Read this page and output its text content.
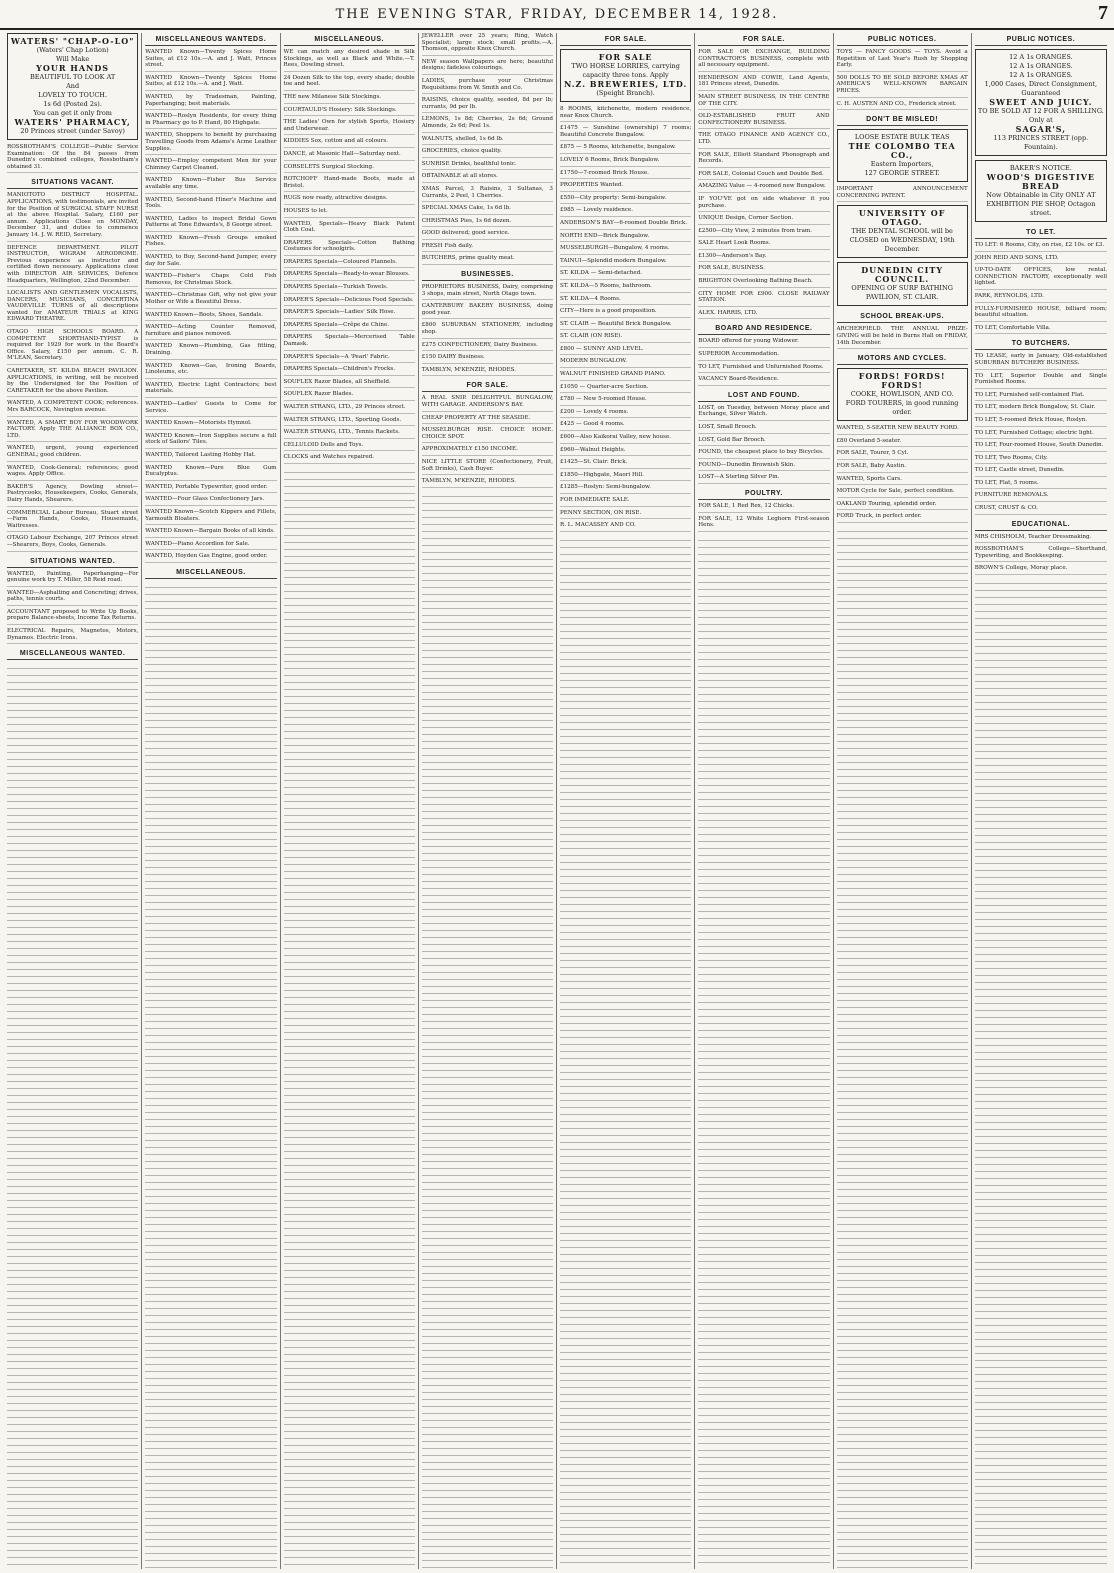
THE EVENING STAR, FRIDAY, DECEMBER 14, 1928.	7
WATERS' "CHAP-O-LO"
(Waters' Chap Lotion)
Will Make
YOUR HANDS
BEAUTIFUL TO LOOK AT
And
LOVELY TO TOUCH.
1s 6d (Posted 2s).
You can get it only from
WATERS' PHARMACY,
20 Princes street (under Savoy)
ROSSBOTHAM'S COLLEGE—Public Service Examination: Of the 84 passes from Dunedin's combined colleges, Rossbotham's obtained 31.
SITUATIONS VACANT.
MANIOTOTO DISTRICT HOSPITAL. APPLICATIONS, with testimonials, are invited for the Position of SURGICAL STAFF NURSE at the above Hospital. Salary, £160 per annum. Applications Close on MONDAY, December 31, and duties to commence January 14. J. W. REID, Secretary.
DEFENCE DEPARTMENT. PILOT INSTRUCTOR, WIGRAM AERODROME. Previous experience as instructor and certified flown necessary. Applications close with DIRECTOR AIR SERVICES, Defence Headquarters, Wellington, 22nd December.
LOCALISTS AND GENTLEMEN VOCALISTS, DANCERS, MUSICIANS, CONCERTINA VAUDEVILLE TURNS of all descriptions wanted for AMATEUR TRIALS at KING EDWARD THEATRE.
OTAGO HIGH SCHOOLS BOARD. A COMPETENT SHORTHAND-TYPIST is required for 1929 for work in the Board's Office. Salary, £150 per annum. C. R. M'LEAN, Secretary.
CARETAKER, ST. KILDA BEACH PAVILION. APPLICATIONS, in writing, will be received by the Undersigned for the Position of CARETAKER for the above Pavilion.
WANTED, A COMPETENT COOK; references. Mrs BARCOCK, Nevington avenue.
WANTED, A SMART BOY FOR WOODWORK FACTORY. Apply THE ALLIANCE BOX CO., LTD.
WANTED, urgent, young experienced GENERAL; good children.
WANTED, Cook-General; references; good wages. Apply Office.
BAKER'S Agency, Dowling street—Pastrycooks, Housekeepers, Cooks, Generals, Dairy Hands, Shearers.
COMMERCIAL Labour Bureau, Stuart street—Farm Hands, Cooks, Housemaids, Waitresses.
OTAGO Labour Exchange, 207 Princes street—Shearers, Boys, Cooks, Generals.
SITUATIONS WANTED.
WANTED, Painting, Paperhanging—For genuine work try T. Miller, 58 Reid road.
WANTED—Asphalting and Concreting; drives, paths, tennis courts.
ACCOUNTANT proposed to Write Up Books, prepare Balance-sheets, Income Tax Returns.
ELECTRICAL Repairs, Magnetos, Motors, Dynamos. Electric Irons.
MISCELLANEOUS WANTED.
MISCELLANEOUS WANTEDS.
WANTED Known—Twenty Spices Home Suites, at £12 10s.—A. and J. Watt, Princes street.
WANTED Known—Twenty Spices Home Suites, at £12 10s.—A. and J. Watt.
WANTED, by Tradesman, Painting, Paperhanging; best materials.
WANTED—Roslyn Residents, for every thing in Pharmacy go to P. Hand, 80 Highgate.
WANTED, Shoppers to benefit by purchasing Travelling Goods from Adams's Acme Leather Supplies.
WANTED—Employ competent Men for your Chimney Carpet Cleaned.
WANTED Known—Fisher Bus Service available any time.
WANTED, Second-hand Hiner's Machine and Tools.
WANTED, Ladies to inspect Bridal Gown Patterns at Tone Edwards's, 8 George street.
WANTED Known—Fresh Groups smoked Fishes.
WANTED, to Buy, Second-hand Jumper, every day for Sale.
WANTED—Fisher's Chaps Cold Fish Removes, for Christmas Stock.
WANTED—Christmas Gift, why not give your Mother or Wife a Beautiful Dress.
WANTED Known—Boots, Shoes, Sandals.
WANTED—Acting Counter Removed, furniture and pianos removed.
WANTED Known—Plumbing, Gas fitting, Draining.
WANTED Known—Gas, Ironing Boards, Linoleums, etc.
WANTED, Electric Light Contractors; best materials.
WANTED—Ladies' Guests to Come for Service.
WANTED Known—Motorists Hymnol.
WANTED Known—Iron Supplies secure a full stock of Sailors' Tiles.
WANTED, Tailored Lasting Hobby Hat.
WANTED Known—Pure Blue Gum Eucalyptus.
WANTED, Portable Typewriter, good order.
WANTED—Four Glass Confectionery Jars.
WANTED Known—Scotch Kippers and Fillets, Yarmouth Bloaters.
WANTED Known—Bargain Books of all kinds.
WANTED—Piano Accordion for Sale.
WANTED, Hoyden Gas Engine, good order.
MISCELLANEOUS.
MISCELLANEOUS.
WE can match any desired shade in Silk Stockings, as well as Black and White.—T. Rees, Dowling street.
24 Dozen Silk to the top, every shade; double toe and heel.
THE new Milanese Silk Stockings.
COURTAULD'S Hosiery: Silk Stockings.
THE Ladies' Own for stylish Sports, Hosiery and Underwear.
KIDDIES Sox, cotton and all colours.
DANCE, at Masonic Hall—Saturday next.
CORSELETS Surgical Stocking.
ROTCHOFF Hand-made Boots, made at Bristol.
RUGS now ready, attractive designs.
HOUSES to let.
WANTED, Specials—Heavy Black Patent Cloth Coat.
DRAPERS Specials—Cotton Bathing Costumes for schoolgirls.
DRAPERS Specials—Coloured Flannels.
DRAPERS Specials—Ready-to-wear Blouses.
DRAPERS Specials—Turkish Towels.
DRAPER'S Specials—Delicious Food Specials.
DRAPER'S Specials—Ladies' Silk Hose.
DRAPERS Specials—Crêpe de Chine.
DRAPERS Specials—Mercerised Table Damask.
DRAPER'S Specials—A 'Pearl' Fabric.
DRAPERS Specials—Children's Frocks.
SOUFLEX Razor Blades, all Sheffield.
SOUFLEX Razor Blades.
WALTER STRANG, LTD., 29 Princes street.
WALTER STRANG, LTD., Sporting Goods.
WALTER STRANG, LTD., Tennis Rackets.
CELLULOID Dolls and Toys.
CLOCKS and Watches repaired.
JEWELLER over 25 years; Ring, Watch Specialist; large stock; small profits.—A. Thomson, opposite Knox Church.
NEW season Wallpapers are here; beautiful designs; fadeless colourings.
LADIES, purchase your Christmas Requisitions from W. Smith and Co.
RAISINS, choice quality, seeded, 8d per lb; currants, 9d per lb.
LEMONS, 1s 8d; Cherries, 2s 6d; Ground Almonds, 2s 6d; Peel 1s.
WALNUTS, shelled, 1s 6d lb.
GROCERIES, choice quality.
SUNRISE Drinks, healthful tonic.
OBTAINABLE at all stores.
XMAS Parcel, 3 Raisins, 3 Sultanas, 3 Currants, 2 Peel, 1 Cherries.
SPECIAL XMAS Cake, 1s 6d lb.
CHRISTMAS Pies, 1s 6d dozen.
GOOD delivered; good service.
FRESH Fish daily.
BUTCHERS, prime quality meat.
BUSINESSES.
PROPRIETORS BUSINESS, Dairy, comprising 3 shops, main street, North Otago town.
CANTERBURY BAKERY BUSINESS, doing good year.
£800 SUBURBAN STATIONERY, including shop.
£275 CONFECTIONERY, Dairy Business.
£150 DAIRY Business.
TAMBLYN, M'KENZIE, RHODES.
FOR SALE.
A REAL SNIP. DELIGHTFUL BUNGALOW, WITH GARAGE. ANDERSON'S BAY.
CHEAP PROPERTY AT THE SEASIDE.
MUSSELBURGH RISE. CHOICE HOME. CHOICE SPOT.
APPROXIMATELY £150 INCOME.
NICE LITTLE STORE (Confectionery, Fruit, Soft Drinks), Cash Buyer.
TAMBLYN, M'KENZIE, RHODES.
FOR SALE.
FOR SALE
TWO HORSE LORRIES, carrying capacity three tons. Apply
N.Z. BREWERIES, LTD.
(Speight Branch).
8 ROOMS, kitchenette, modern residence, near Knox Church.
£1475 — Sunshine (ownership) 7 rooms; Beautiful Concrete Bungalow.
£875 — 5 Rooms, kitchenette, bungalow.
LOVELY 6 Rooms, Brick Bungalow.
£1750—7-roomed Brick House.
PROPERTIES Wanted.
£550—City property: Semi-bungalow.
£985 — Lovely residence.
ANDERSON'S BAY—6-roomed Double Brick.
NORTH END—Brick Bungalow.
MUSSELBURGH—Bungalow, 4 rooms.
TAINUI—Splendid modern Bungalow.
ST. KILDA — Semi-detached.
ST. KILDA—5 Rooms, bathroom.
ST. KILDA—4 Rooms.
CITY—Here is a good proposition.
ST. CLAIR — Beautiful Brick Bungalow.
ST. CLAIR (ON RISE).
£800 — SUNNY AND LEVEL.
MODERN BUNGALOW.
WALNUT FINISHED GRAND PIANO.
£1050 — Quarter-acre Section.
£780 — New 5-roomed House.
£200 — Lovely 4 rooms.
£425 — Good 4 rooms.
£600—Also Kaikorai Valley, new house.
£960—Walnut Heights.
£1425—St. Clair: Brick.
£1850—Highgate, Maori Hill.
£1285—Roslyn: Semi-bungalow.
FOR IMMEDIATE SALE.
PENNY SECTION, ON RISE.
R. L. MACASSEY AND CO.
FOR SALE.
FOR SALE OR EXCHANGE, BUILDING CONTRACTOR'S BUSINESS, complete with all necessary equipment.
HENDERSON AND COWIE, Land Agents, 181 Princes street, Dunedin.
MAIN STREET BUSINESS, IN THE CENTRE OF THE CITY.
OLD-ESTABLISHED FRUIT AND CONFECTIONERY BUSINESS.
THE OTAGO FINANCE AND AGENCY CO., LTD.
FOR SALE, Elliott Standard Phonograph and Records.
FOR SALE, Colonial Couch and Double Bed.
AMAZING Value — 4-roomed new Bungalow.
IF YOU'VE got on side whatever it you purchase.
UNIQUE Design, Corner Section.
£2500—City View, 2 minutes from tram.
SALE Heart Look Rooms.
£1300—Anderson's Bay.
FOR SALE, BUSINESS.
BRIGHTON Overlooking Bathing Beach.
CITY HOME FOR £900. CLOSE RAILWAY STATION.
ALEX. HARRIS, LTD.
BOARD AND RESIDENCE.
BOARD offered for young Widower.
SUPERIOR Accommodation.
TO LET, Furnished and Unfurnished Rooms.
VACANCY Board-Residence.
LOST AND FOUND.
LOST, on Tuesday, between Moray place and Exchange, Silver Watch.
LOST, Small Brooch.
LOST, Gold Bar Brooch.
FOUND, the cheapest place to buy Bicycles.
FOUND—Dunedin Brownish Skin.
LOST—A Sterling Silver Pin.
POULTRY.
FOR SALE, 1 Red Rex, 12 Chicks.
FOR SALE, 12 White Leghorn First-season Hens.
PUBLIC NOTICES.
TOYS — FANCY GOODS — TOYS. Avoid a Repetition of Last Year's Rush by Shopping Early.
500 DOLLS TO BE SOLD BEFORE XMAS AT AMERICA'S WELL-KNOWN BARGAIN PRICES.
C. H. AUSTEN AND CO., Frederick street.
DON'T BE MISLED!
LOOSE ESTATE BULK TEAS
THE COLOMBO TEA CO.,
Eastern Importers,
127 GEORGE STREET.
IMPORTANT ANNOUNCEMENT CONCERNING PATENT.
UNIVERSITY OF OTAGO.
THE DENTAL SCHOOL will be CLOSED on WEDNESDAY, 19th December.
DUNEDIN CITY COUNCIL.
OPENING OF SURF BATHING PAVILION, ST. CLAIR.
SCHOOL BREAK-UPS.
ARCHERFIELD. THE ANNUAL PRIZE-GIVING will be held in Burns Hall on FRIDAY, 14th December.
MOTORS AND CYCLES.
FORDS! FORDS! FORDS!
COOKE, HOWLISON, AND CO.
FORD TOURERS, in good running order.
WANTED, 5-SEATER NEW BEAUTY FORD.
£80 Overland 5-seater.
FOR SALE, Tourer, 5 Cyl.
FOR SALE, Baby Austin.
WANTED, Sports Cars.
MOTOR Cycle for Sale, perfect condition.
OAKLAND Touring, splendid order.
FORD Truck, in perfect order.
PUBLIC NOTICES.
12 A 1s ORANGES.
12 A 1s ORANGES.
12 A 1s ORANGES.
1,000 Cases, Direct Consignment, Guaranteed
SWEET AND JUICY.
TO BE SOLD AT 12 FOR A SHILLING.
Only at
SAGAR'S,
113 PRINCES STREET (opp. Fountain).
BAKER'S NOTICE.
WOOD'S DIGESTIVE BREAD
Now Obtainable in City ONLY AT EXHIBITION PIE SHOP, Octagon street.
TO LET.
TO LET: 6 Rooms, City, on rise, £2 10s. or £3.
JOHN REID AND SONS, LTD.
UP-TO-DATE OFFICES, low rental. CONNECTION FACTORY, exceptionally well lighted.
PARK, REYNOLDS, LTD.
FULLY-FURNISHED HOUSE, billiard room; beautiful situation.
TO LET, Comfortable Villa.
TO BUTCHERS.
TO LEASE, early in January, Old-established SUBURBAN BUTCHERY BUSINESS.
TO LET, Superior Double and Single Furnished Rooms.
TO LET, Furnished self-contained Flat.
TO LET, modern Brick Bungalow, St. Clair.
TO LET, 5-roomed Brick House, Roslyn.
TO LET, Furnished Cottage; electric light.
TO LET, Four-roomed House, South Dunedin.
TO LET, Two Rooms, City.
TO LET, Castle street, Dunedin.
TO LET, Flat, 5 rooms.
FURNITURE REMOVALS.
CRUST, CRUST & CO.
EDUCATIONAL.
MRS CHISHOLM, Teacher Dressmaking.
ROSSBOTHAM'S College—Shorthand, Typewriting, and Bookkeeping.
BROWN'S College, Moray place.
